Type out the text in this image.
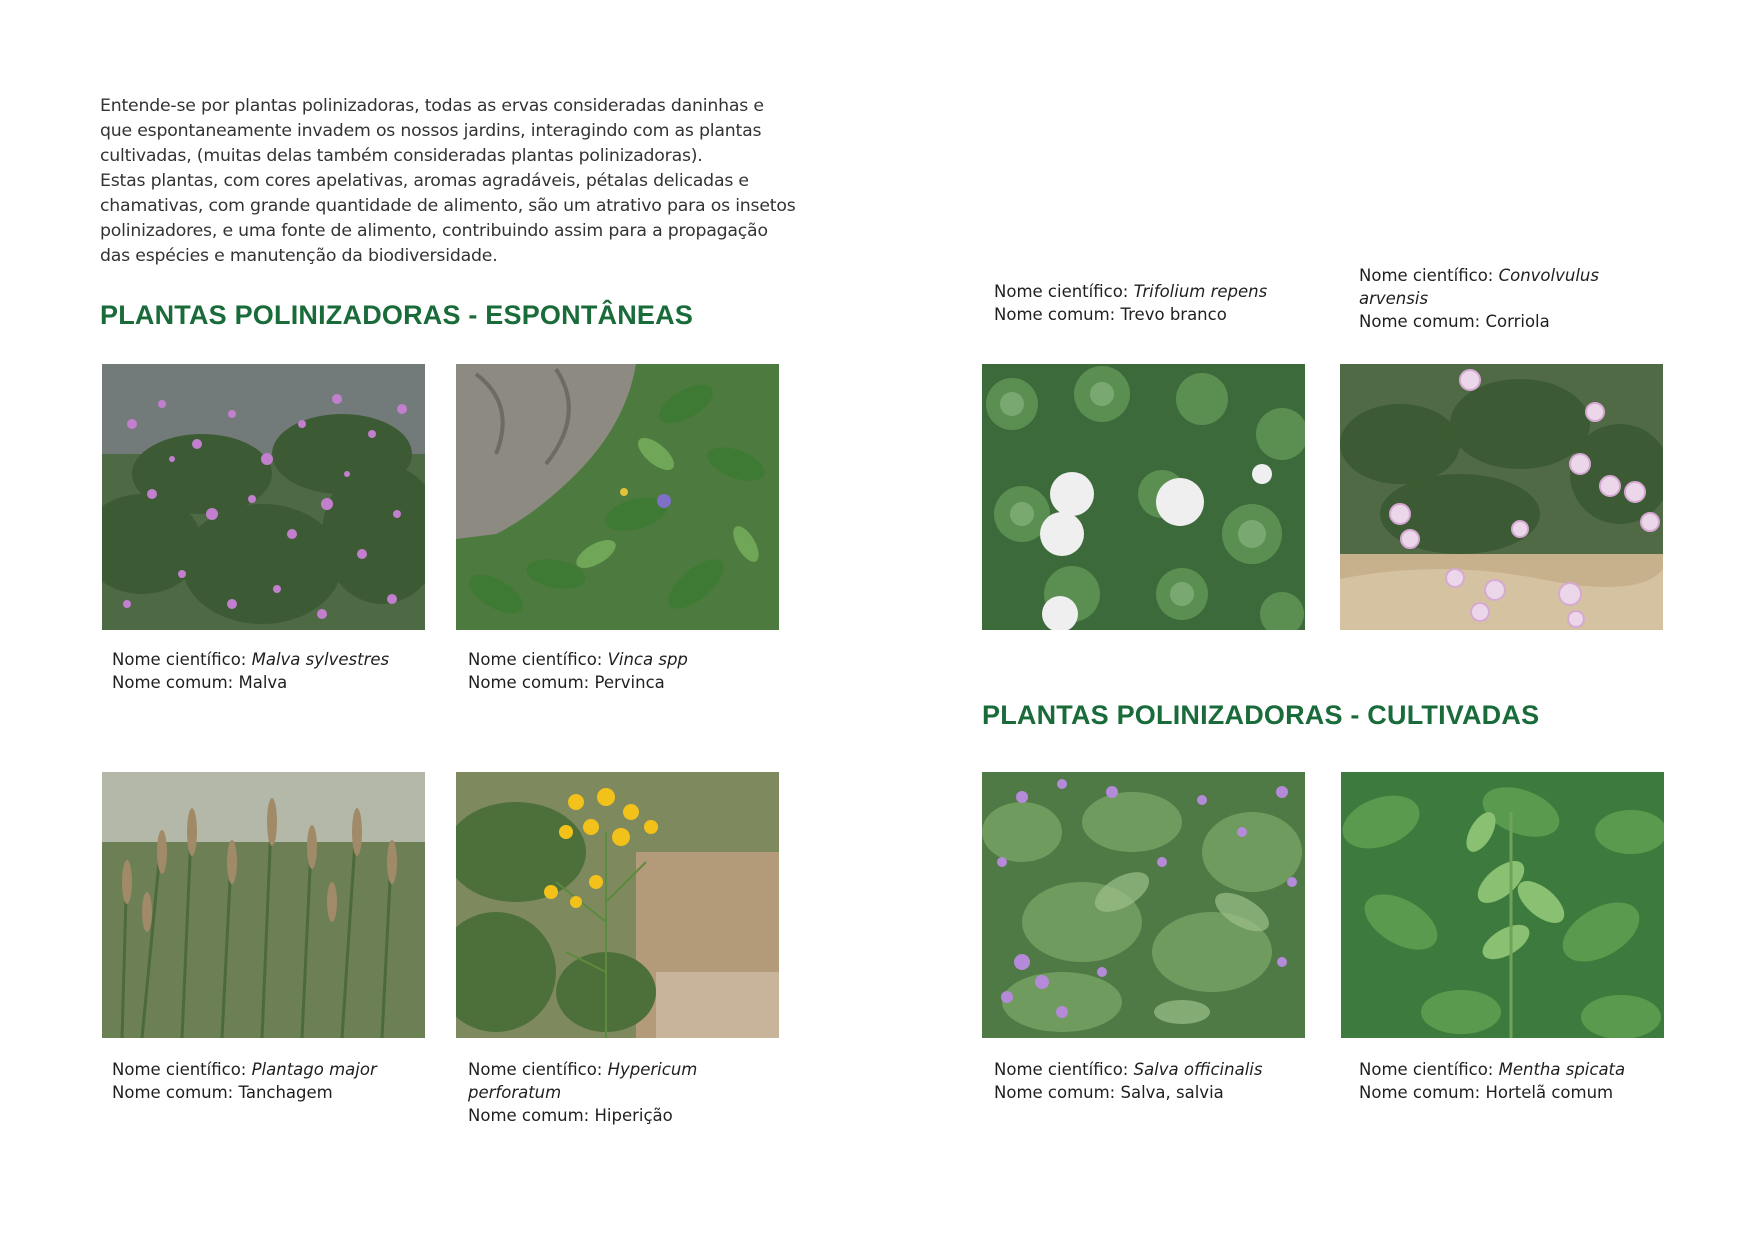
Entende-se por plantas polinizadoras, todas as ervas consideradas daninhas e que espontaneamente invadem os nossos jardins, interagindo com as plantas cultivadas, (muitas delas também consideradas plantas polinizadoras).

Estas plantas, com cores apelativas, aromas agradáveis, pétalas delicadas e chamativas, com grande quantidade de alimento, são um atrativo para os insetos polinizadores, e uma fonte de alimento, contribuindo assim para a propagação das espécies e manutenção da biodiversidade.

PLANTAS POLINIZADORAS - ESPONTÂNEAS
PLANTAS POLINIZADORAS - CULTIVADAS
Nome científico: Malva sylvestres
Nome comum: Malva
Nome científico: Vinca spp
Nome comum: Pervinca
Nome científico: Trifolium repens
Nome comum: Trevo branco
Nome científico: Convolvulus arvensis
Nome comum: Corriola
Nome científico: Plantago major
Nome comum: Tanchagem
Nome científico: Hypericum perforatum
Nome comum: Hiperição
Nome científico: Salva officinalis
Nome comum: Salva, salvia
Nome científico: Mentha spicata
Nome comum: Hortelã comum
